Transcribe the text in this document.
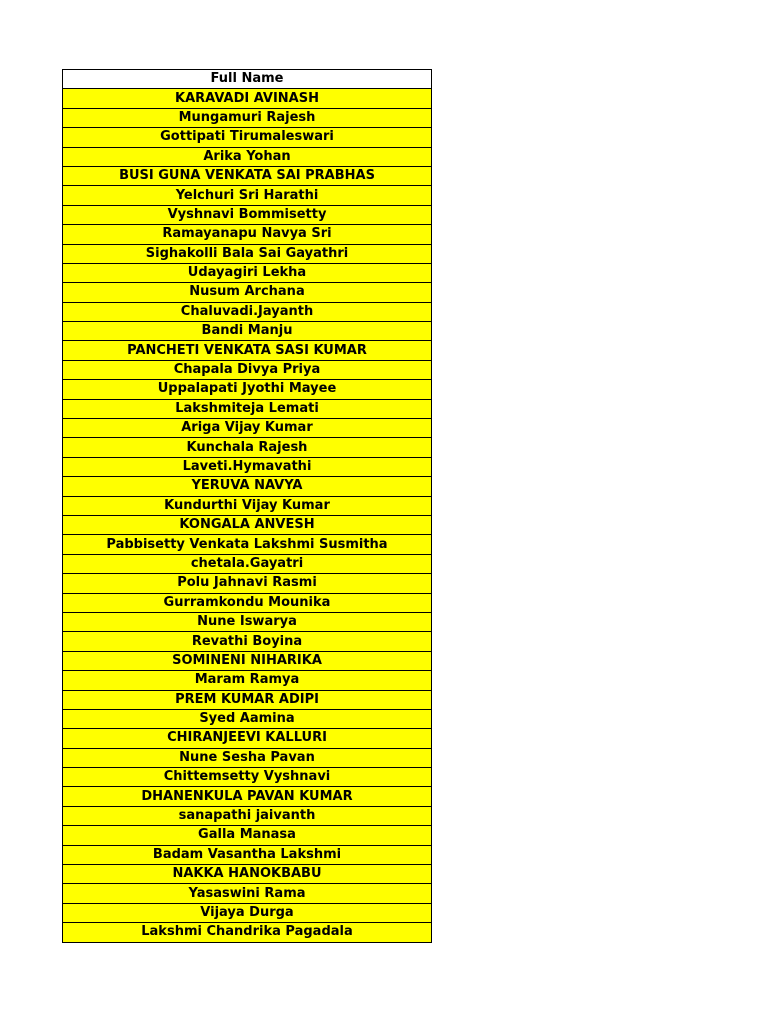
Full Name
KARAVADI AVINASH
Mungamuri Rajesh
Gottipati Tirumaleswari
Arika Yohan
BUSI GUNA VENKATA SAI PRABHAS
Yelchuri Sri Harathi
Vyshnavi Bommisetty
Ramayanapu Navya Sri
Sighakolli Bala Sai Gayathri
Udayagiri Lekha
Nusum Archana
Chaluvadi.Jayanth
Bandi Manju
PANCHETI VENKATA SASI KUMAR
Chapala Divya Priya
Uppalapati Jyothi Mayee
Lakshmiteja Lemati
Ariga Vijay Kumar
Kunchala Rajesh
Laveti.Hymavathi
YERUVA NAVYA
Kundurthi Vijay Kumar
KONGALA ANVESH
Pabbisetty Venkata Lakshmi Susmitha
chetala.Gayatri
Polu Jahnavi Rasmi
Gurramkondu Mounika
Nune Iswarya
Revathi Boyina
SOMINENI NIHARIKA
Maram Ramya
PREM KUMAR ADIPI
Syed Aamina
CHIRANJEEVI KALLURI
Nune Sesha Pavan
Chittemsetty Vyshnavi
DHANENKULA PAVAN KUMAR
sanapathi jaivanth
Galla Manasa
Badam Vasantha Lakshmi
NAKKA HANOKBABU
Yasaswini Rama
Vijaya Durga
Lakshmi Chandrika Pagadala
